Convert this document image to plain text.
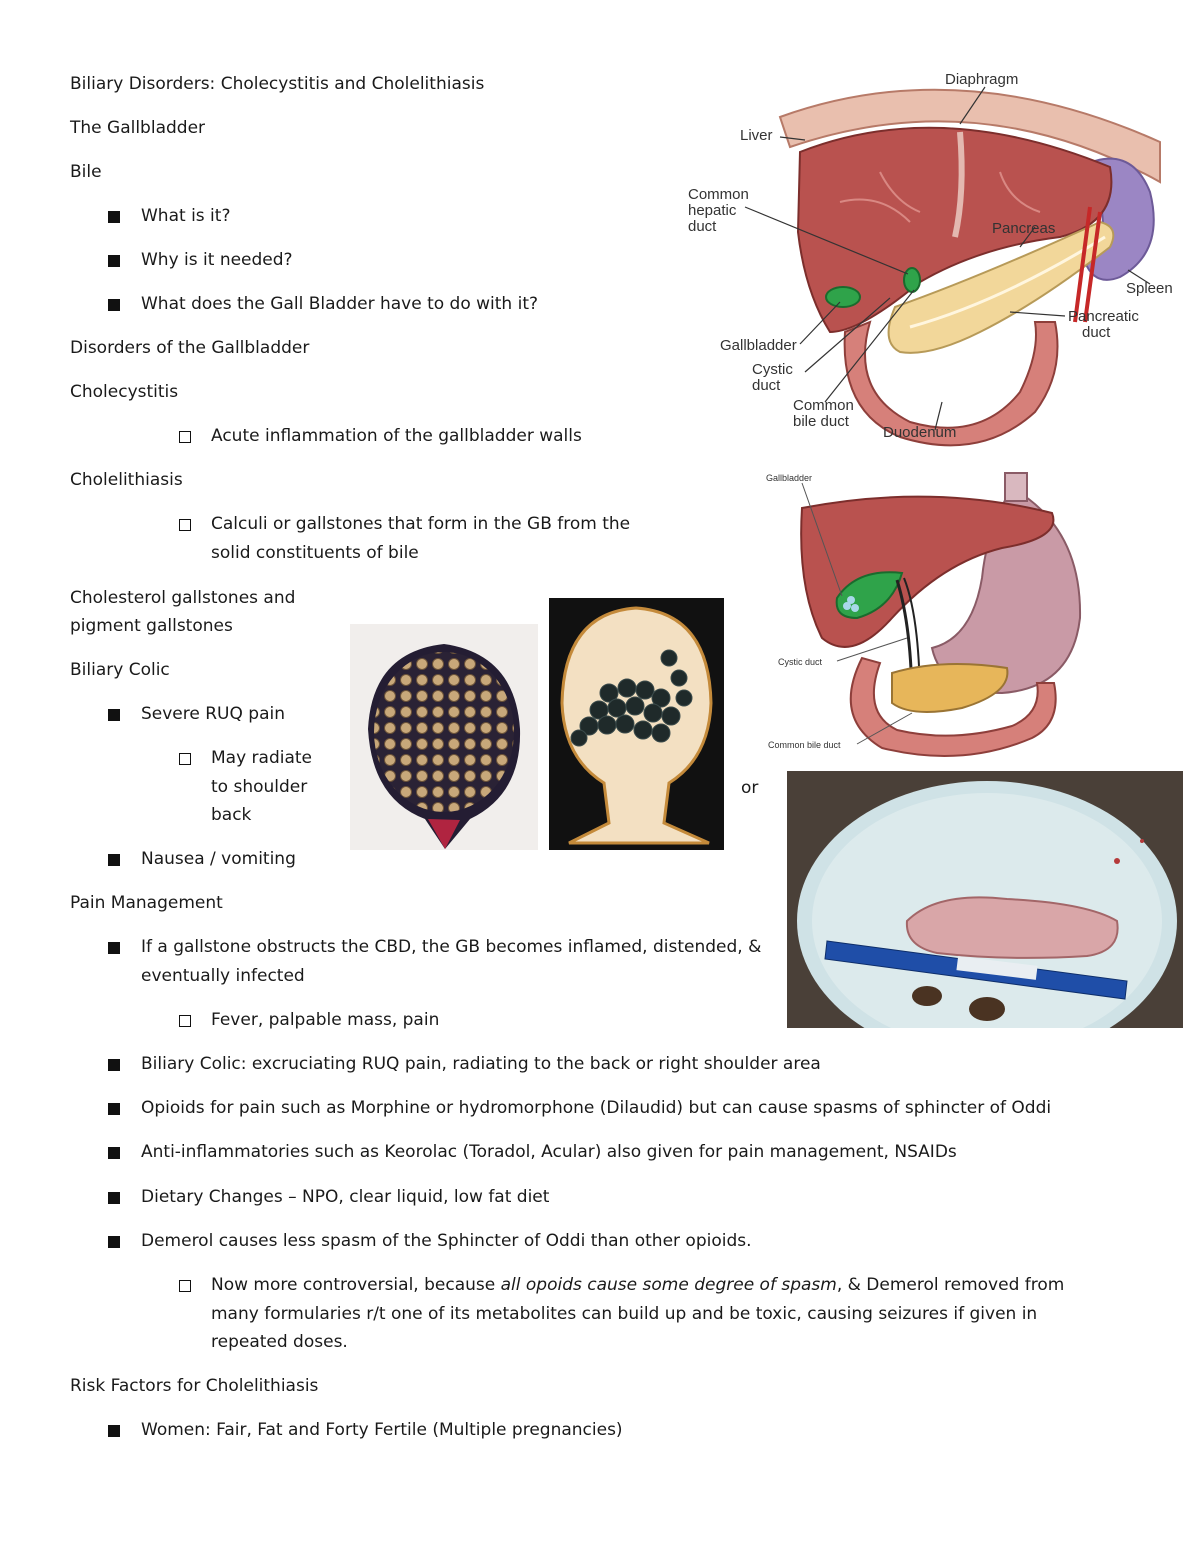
Biliary Disorders: Cholecystitis and Cholelithiasis
The Gallbladder
Bile
What is it?
Why is it needed?
What does the Gall Bladder have to do with it?
Disorders of the Gallbladder
Cholecystitis
Acute inflammation of the gallbladder walls
Cholelithiasis
Calculi or gallstones that form in the GB from the
solid constituents of bile
Cholesterol gallstones and
pigment gallstones
Biliary Colic
Severe RUQ pain
May radiate
to shoulder
back
Nausea / vomiting
or
Pain Management
If a gallstone obstructs the CBD, the GB becomes inflamed, distended, &
eventually infected
Fever, palpable mass, pain
Biliary Colic: excruciating RUQ pain, radiating to the back or right shoulder area
Opioids for pain such as Morphine or hydromorphone (Dilaudid) but can cause spasms of sphincter of Oddi
Anti-inflammatories such as Keorolac (Toradol, Acular) also given for pain management, NSAIDs
Dietary Changes – NPO, clear liquid, low fat diet
Demerol causes less spasm of the Sphincter of Oddi than other opioids.
Now more controversial, because all opoids cause some degree of spasm, & Demerol removed from
many formularies r/t one of its metabolites can build up and be toxic, causing seizures if given in
repeated doses.
Risk Factors for Cholelithiasis
Women: Fair, Fat and Forty Fertile (Multiple pregnancies)
Diaphragm
Liver
Common
hepatic
duct	Pancreas
Spleen
Pancreatic
duct
Gallbladder
Cystic
duct
Common
bile duct
Duodenum
Gallbladder
Cystic duct
Common bile duct
